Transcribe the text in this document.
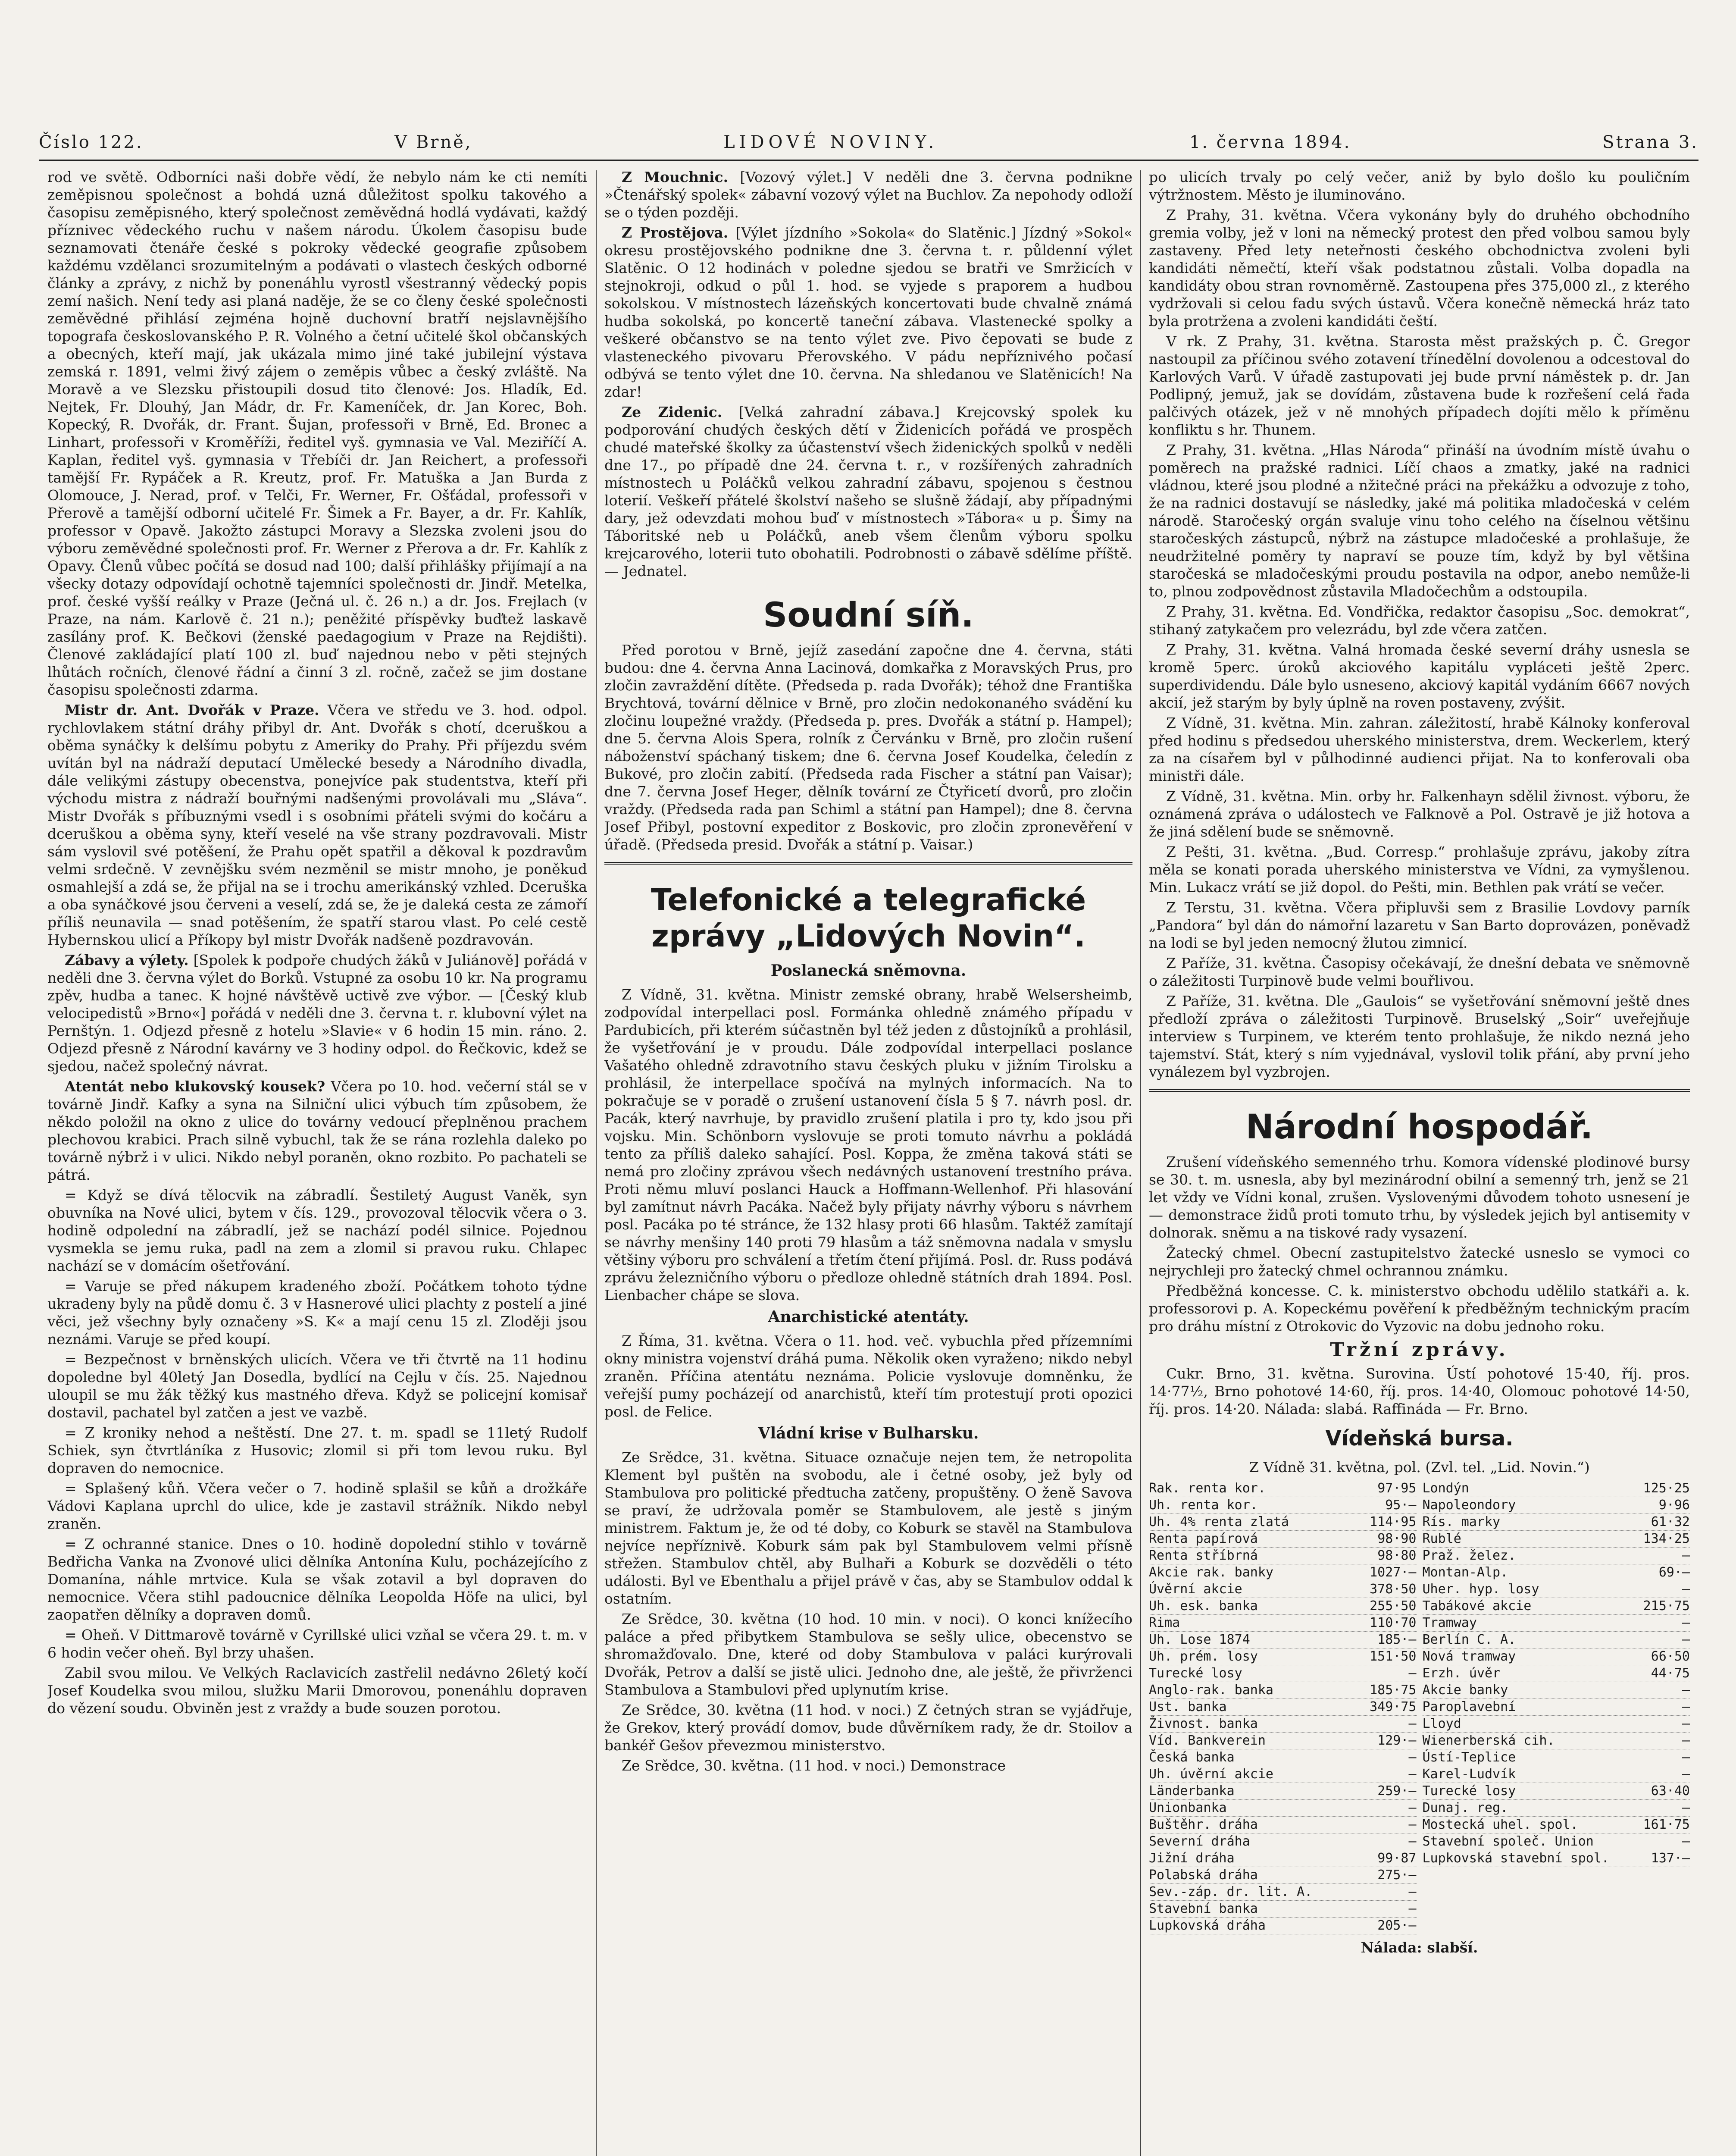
Číslo 122.	V Brně,	LIDOVÉ NOVINY.	1. června 1894.	Strana 3.

rod ve světě. Odborníci naši dobře vědí, že nebylo nám ke cti nemíti zeměpisnou společnost a bohdá uzná důležitost spolku takového a časopisu zeměpisného, který společnost zeměvědná hodlá vydávati, každý příznivec vědeckého ruchu v našem národu. Úkolem časopisu bude seznamovati čtenáře české s pokroky vědecké geografie způsobem každému vzdělanci srozumitelným a podávati o vlastech českých odborné články a zprávy, z nichž by ponenáhlu vyrostl všestranný vědecký popis zemí našich. Není tedy asi planá naděje, že se co členy české společnosti zeměvědné přihlásí zejména hojně duchovní bratří nejslavnějšího topografa českoslovanského P. R. Volného a četní učitelé škol občanských a obecných, kteří mají, jak ukázala mimo jiné také jubilejní výstava zemská r. 1891, velmi živý zájem o zeměpis vůbec a český zvláště. Na Moravě a ve Slezsku přistoupili dosud tito členové: Jos. Hladík, Ed. Nejtek, Fr. Dlouhý, Jan Mádr, dr. Fr. Kameníček, dr. Jan Korec, Boh. Kopecký, R. Dvořák, dr. Frant. Šujan, professoři v Brně, Ed. Bronec a Linhart, professoři v Kroměříži, ředitel vyš. gymnasia ve Val. Meziříčí A. Kaplan, ředitel vyš. gymnasia v Třebíči dr. Jan Reichert, a professoři tamější Fr. Rypáček a R. Kreutz, prof. Fr. Matuška a Jan Burda z Olomouce, J. Nerad, prof. v Telči, Fr. Werner, Fr. Ošťádal, professoři v Přerově a tamější odborní učitelé Fr. Šimek a Fr. Bayer, a dr. Fr. Kahlík, professor v Opavě. Jakožto zástupci Moravy a Slezska zvoleni jsou do výboru zeměvědné společnosti prof. Fr. Werner z Přerova a dr. Fr. Kahlík z Opavy. Členů vůbec počítá se dosud nad 100; další přihlášky přijímají a na všecky dotazy odpovídají ochotně tajemníci společnosti dr. Jindř. Metelka, prof. české vyšší reálky v Praze (Ječná ul. č. 26 n.) a dr. Jos. Frejlach (v Praze, na nám. Karlově č. 21 n.); peněžité příspěvky buďtež laskavě zasílány prof. K. Bečkovi (ženské paedagogium v Praze na Rejdišti). Členové zakládající platí 100 zl. buď najednou nebo v pěti stejných lhůtách ročních, členové řádní a činní 3 zl. ročně, začež se jim dostane časopisu společnosti zdarma.

Mistr dr. Ant. Dvořák v Praze. Včera ve středu ve 3. hod. odpol. rychlovlakem státní dráhy přibyl dr. Ant. Dvořák s chotí, dceruškou a oběma synáčky k delšímu pobytu z Ameriky do Prahy. Při příjezdu svém uvítán byl na nádraží deputací Umělecké besedy a Národního divadla, dále velikými zástupy obecenstva, ponejvíce pak studentstva, kteří při východu mistra z nádraží bouřnými nadšenými provolávali mu „Sláva“. Mistr Dvořák s příbuznými vsedl i s osobními přáteli svými do kočáru a dceruškou a oběma syny, kteří veselé na vše strany pozdravovali. Mistr sám vyslovil své potěšení, že Prahu opět spatřil a děkoval k pozdravům velmi srdečně. V zevnějšku svém nezměnil se mistr mnoho, je poněkud osmahlejší a zdá se, že přijal na se i trochu amerikánský vzhled. Dceruška a oba synáčkové jsou červeni a veselí, zdá se, že je daleká cesta ze zámoří příliš neunavila — snad potěšením, že spatří starou vlast. Po celé cestě Hybernskou ulicí a Příkopy byl mistr Dvořák nadšeně pozdravován.

Zábavy a výlety. [Spolek k podpoře chudých žáků v Juliánově] pořádá v neděli dne 3. června výlet do Borků. Vstupné za osobu 10 kr. Na programu zpěv, hudba a tanec. K hojné návštěvě uctivě zve výbor. — [Český klub velocipedistů »Brno«] pořádá v neděli dne 3. června t. r. klubovní výlet na Pernštýn. 1. Odjezd přesně z hotelu »Slavie« v 6 hodin 15 min. ráno. 2. Odjezd přesně z Národní kavárny ve 3 hodiny odpol. do Řečkovic, kdež se sjedou, načež společný návrat.

Atentát nebo klukovský kousek? Včera po 10. hod. večerní stál se v továrně Jindř. Kafky a syna na Silniční ulici výbuch tím způsobem, že někdo položil na okno z ulice do továrny vedoucí přeplněnou prachem plechovou krabici. Prach silně vybuchl, tak že se rána rozlehla daleko po továrně nýbrž i v ulici. Nikdo nebyl poraněn, okno rozbito. Po pachateli se pátrá.

= Když se dívá tělocvik na zábradlí. Šestiletý August Vaněk, syn obuvníka na Nové ulici, bytem v čís. 129., provozoval tělocvik včera o 3. hodině odpolední na zábradlí, jež se nachází podél silnice. Pojednou vysmekla se jemu ruka, padl na zem a zlomil si pravou ruku. Chlapec nachází se v domácím ošetřování.

= Varuje se před nákupem kradeného zboží. Počátkem tohoto týdne ukradeny byly na půdě domu č. 3 v Hasnerové ulici plachty z postelí a jiné věci, jež všechny byly označeny »S. K« a mají cenu 15 zl. Zloději jsou neznámi. Varuje se před koupí.

= Bezpečnost v brněnských ulicích. Včera ve tři čtvrtě na 11 hodinu dopoledne byl 40letý Jan Dosedla, bydlící na Cejlu v čís. 25. Najednou uloupil se mu žák těžký kus mastného dřeva. Když se policejní komisař dostavil, pachatel byl zatčen a jest ve vazbě.

= Z kroniky nehod a neštěstí. Dne 27. t. m. spadl se 11letý Rudolf Schiek, syn čtvrtláníka z Husovic; zlomil si při tom levou ruku. Byl dopraven do nemocnice.

= Splašený kůň. Včera večer o 7. hodině splašil se kůň a drožkáře Vádovi Kaplana uprchl do ulice, kde je zastavil strážník. Nikdo nebyl zraněn.

= Z ochranné stanice. Dnes o 10. hodině dopolední stihlo v továrně Bedřicha Vanka na Zvonové ulici dělníka Antonína Kulu, pocházejícího z Domanína, náhle mrtvice. Kula se však zotavil a byl dopraven do nemocnice. Včera stihl padoucnice dělníka Leopolda Höfe na ulici, byl zaopatřen dělníky a dopraven domů.

= Oheň. V Dittmarově továrně v Cyrillské ulici vzňal se včera 29. t. m. v 6 hodin večer oheň. Byl brzy uhašen.

Zabil svou milou. Ve Velkých Raclavicích zastřelil nedávno 26letý kočí Josef Koudelka svou milou, služku Marii Dmorovou, ponenáhlu dopraven do vězení soudu. Obviněn jest z vraždy a bude souzen porotou.

Z Mouchnic. [Vozový výlet.] V neděli dne 3. června podnikne »Čtenářský spolek« zábavní vozový výlet na Buchlov. Za nepohody odloží se o týden později.

Z Prostějova. [Výlet jízdního »Sokola« do Slatěnic.] Jízdný »Sokol« okresu prostějovského podnikne dne 3. června t. r. půldenní výlet Slatěnic. O 12 hodinách v poledne sjedou se bratři ve Smržicích v stejnokroji, odkud o půl 1. hod. se vyjede s praporem a hudbou sokolskou. V místnostech lázeňských koncertovati bude chvalně známá hudba sokolská, po koncertě taneční zábava. Vlastenecké spolky a veškeré občanstvo se na tento výlet zve. Pivo čepovati se bude z vlasteneckého pivovaru Přerovského. V pádu nepříznivého počasí odbývá se tento výlet dne 10. června. Na shledanou ve Slatěnicích! Na zdar!

Ze Zidenic. [Velká zahradní zábava.] Krejcovský spolek ku podporování chudých českých dětí v Židenicích pořádá ve prospěch chudé mateřské školky za účastenství všech židenických spolků v neděli dne 17., po případě dne 24. června t. r., v rozšířených zahradních místnostech u Poláčků velkou zahradní zábavu, spojenou s čestnou loterií. Veškeří přátelé školství našeho se slušně žádají, aby případnými dary, jež odevzdati mohou buď v místnostech »Tábora« u p. Šimy na Táboritské neb u Poláčků, aneb všem členům výboru spolku krejcarového, loterii tuto obohatili. Podrobnosti o zábavě sdělíme příště. — Jednatel.

Soudní síň.

Před porotou v Brně, jejíž zasedání započne dne 4. června, státi budou: dne 4. června Anna Lacinová, domkařka z Moravských Prus, pro zločin zavraždění dítěte. (Předseda p. rada Dvořák); téhož dne Františka Brychtová, tovární dělnice v Brně, pro zločin nedokonaného svádění ku zločinu loupežné vraždy. (Předseda p. pres. Dvořák a státní p. Hampel); dne 5. června Alois Spera, rolník z Červánku v Brně, pro zločin rušení náboženství spáchaný tiskem; dne 6. června Josef Koudelka, čeledín z Bukové, pro zločin zabití. (Předseda rada Fischer a státní pan Vaisar); dne 7. června Josef Heger, dělník tovární ze Čtyřicetí dvorů, pro zločin vraždy. (Předseda rada pan Schiml a státní pan Hampel); dne 8. června Josef Přibyl, postovní expeditor z Boskovic, pro zločin zpronevěření v úřadě. (Předseda presid. Dvořák a státní p. Vaisar.)

Telefonické a telegrafické zprávy „Lidových Novin“.
Poslanecká sněmovna.

Z Vídně, 31. května. Ministr zemské obrany, hrabě Welsersheimb, zodpovídal interpellaci posl. Formánka ohledně známého případu v Pardubicích, při kterém súčastněn byl též jeden z důstojníků a prohlásil, že vyšetřování je v proudu. Dále zodpovídal interpellaci poslance Vašatého ohledně zdravotního stavu českých pluku v jižním Tirolsku a prohlásil, že interpellace spočívá na mylných informacích. Na to pokračuje se v poradě o zrušení ustanovení čísla 5 § 7. návrh posl. dr. Pacák, který navrhuje, by pravidlo zrušení platila i pro ty, kdo jsou při vojsku. Min. Schönborn vyslovuje se proti tomuto návrhu a pokládá tento za příliš daleko sahající. Posl. Koppa, že změna taková státi se nemá pro zločiny zprávou všech nedávných ustanovení trestního práva. Proti němu mluví poslanci Hauck a Hoffmann-Wellenhof. Při hlasování byl zamítnut návrh Pacáka. Načež byly přijaty návrhy výboru s návrhem posl. Pacáka po té stránce, že 132 hlasy proti 66 hlasům. Taktéž zamítají se návrhy menšiny 140 proti 79 hlasům a táž sněmovna nadala v smyslu většiny výboru pro schválení a třetím čtení přijímá. Posl. dr. Russ podává zprávu železničního výboru o předloze ohledně státních drah 1894. Posl. Lienbacher chápe se slova.

Anarchistické atentáty.

Z Říma, 31. května. Včera o 11. hod. več. vybuchla před přízemními okny ministra vojenství dráhá puma. Několik oken vyraženo; nikdo nebyl zraněn. Příčina atentátu neznáma. Policie vyslovuje domněnku, že veřejší pumy pocházejí od anarchistů, kteří tím protestují proti opozici posl. de Felice.

Vládní krise v Bulharsku.

Ze Srědce, 31. května. Situace označuje nejen tem, že netropolita Klement byl puštěn na svobodu, ale i četné osoby, jež byly od Stambulova pro politické předtucha zatčeny, propuštěny. O ženě Savova se praví, že udržovala poměr se Stambulovem, ale jestě s jiným ministrem. Faktum je, že od té doby, co Koburk se stavěl na Stambulova nejvíce nepříznivě. Koburk sám pak byl Stambulovem velmi přísně střežen. Stambulov chtěl, aby Bulhaři a Koburk se dozvěděli o této události. Byl ve Ebenthalu a přijel právě v čas, aby se Stambulov oddal k ostatním.

Ze Srědce, 30. května (10 hod. 10 min. v noci). O konci knížecího paláce a před přibytkem Stambulova se sešly ulice, obecenstvo se shromažďovalo. Dne, které od doby Stambulova v paláci kurýrovali Dvořák, Petrov a další se jistě ulici. Jednoho dne, ale ještě, že přivrženci Stambulova a Stambulovi před uplynutím krise.

Ze Srědce, 30. května (11 hod. v noci.) Z četných stran se vyjádřuje, že Grekov, který provádí domov, bude důvěrníkem rady, že dr. Stoilov a bankéř Gešov převezmou ministerstvo.

Ze Srědce, 30. května. (11 hod. v noci.) Demonstrace

po ulicích trvaly po celý večer, aniž by bylo došlo ku pouličním výtržnostem. Město je iluminováno.

Z Prahy, 31. května. Včera vykonány byly do druhého obchodního gremia volby, jež v loni na německý protest den před volbou samou byly zastaveny. Před lety neteřnosti českého obchodnictva zvoleni byli kandidáti němečtí, kteří však podstatnou zůstali. Volba dopadla na kandidáty obou stran rovnoměrně. Zastoupena přes 375,000 zl., z kterého vydržovali si celou fadu svých ústavů. Včera konečně německá hráz tato byla protržena a zvoleni kandidáti čeští.

V rk. Z Prahy, 31. května. Starosta měst pražských p. Č. Gregor nastoupil za příčinou svého zotavení třínedělní dovolenou a odcestoval do Karlových Varů. V úřadě zastupovati jej bude první náměstek p. dr. Jan Podlipný, jemuž, jak se dovídám, zůstavena bude k rozřešení celá řada palčivých otázek, jež v ně mnohých případech dojíti mělo k příměnu konfliktu s hr. Thunem.

Z Prahy, 31. května. „Hlas Národa“ přináší na úvodním místě úvahu o poměrech na pražské radnici. Líčí chaos a zmatky, jaké na radnici vládnou, které jsou plodné a nžitečné práci na překážku a odvozuje z toho, že na radnici dostavují se následky, jaké má politika mladočeská v celém národě. Staročeský orgán svaluje vinu toho celého na číselnou většinu staročeských zástupců, nýbrž na zástupce mladočeské a prohlašuje, že neudržitelné poměry ty napraví se pouze tím, když by byl většina staročeská se mladočeskými proudu postavila na odpor, anebo nemůže-li to, plnou zodpovědnost zůstavila Mladočechům a odstoupila.

Z Prahy, 31. května. Ed. Vondřička, redaktor časopisu „Soc. demokrat“, stihaný zatykačem pro velezrádu, byl zde včera zatčen.

Z Prahy, 31. května. Valná hromada české severní dráhy usnesla se kromě 5perc. úroků akciového kapitálu vypláceti ještě 2perc. superdividendu. Dále bylo usneseno, akciový kapitál vydáním 6667 nových akcií, jež starým by byly úplně na roven postaveny, zvýšit.

Z Vídně, 31. května. Min. zahran. záležitostí, hrabě Kálnoky konferoval před hodinu s předsedou uherského ministerstva, drem. Weckerlem, který za na císařem byl v půlhodinné audienci přijat. Na to konferovali oba ministři dále.

Z Vídně, 31. května. Min. orby hr. Falkenhayn sdělil živnost. výboru, že oznámená zpráva o událostech ve Falknově a Pol. Ostravě je již hotova a že jiná sdělení bude se sněmovně.

Z Pešti, 31. května. „Bud. Corresp.“ prohlašuje zprávu, jakoby zítra měla se konati porada uherského ministerstva ve Vídni, za vymyšlenou. Min. Lukacz vrátí se již dopol. do Pešti, min. Bethlen pak vrátí se večer.

Z Terstu, 31. května. Včera připluvši sem z Brasilie Lovdovy parník „Pandora“ byl dán do námořní lazaretu v San Barto doprovázen, poněvadž na lodi se byl jeden nemocný žlutou zimnicí.

Z Paříže, 31. května. Časopisy očekávají, že dnešní debata ve sněmovně o záležitosti Turpinově bude velmi bouřlivou.

Z Paříže, 31. května. Dle „Gaulois“ se vyšetřování sněmovní ještě dnes předloží zpráva o záležitosti Turpinově. Bruselský „Soir“ uveřejňuje interview s Turpinem, ve kterém tento prohlašuje, že nikdo nezná jeho tajemství. Stát, který s ním vyjednával, vyslovil tolik přání, aby první jeho vynálezem byl vyzbrojen.

Národní hospodář.

Zrušení vídeňského semenného trhu. Komora vídenské plodinové bursy se 30. t. m. usnesla, aby byl mezinárodní obilní a semenný trh, jenž se 21 let vždy ve Vídni konal, zrušen. Vyslovenými důvodem tohoto usnesení je — demonstrace židů proti tomuto trhu, by výsledek jejich byl antisemity v dolnorak. sněmu a na tiskové rady vysazení.

Žatecký chmel. Obecní zastupitelstvo žatecké usneslo se vymoci co nejrychleji pro žatecký chmel ochrannou známku.

Předběžná koncesse. C. k. ministerstvo obchodu udělilo statkáři a. k. professorovi p. A. Kopeckému pověření k předběžným technickým pracím pro dráhu místní z Otrokovic do Vyzovic na dobu jednoho roku.

Tržní zprávy.

Cukr. Brno, 31. května. Surovina. Ústí pohotové 15·40, říj. pros. 14·77½, Brno pohotové 14·60, říj. pros. 14·40, Olomouc pohotové 14·50, říj. pros. 14·20. Nálada: slabá. Raffináda — Fr. Brno.

Vídeňská bursa.
Z Vídně 31. května, pol. (Zvl. tel. „Lid. Novin.“)
Rak. renta kor.	97·95
Uh. renta kor.	95·—
Uh. 4% renta zlatá	114·95
Renta papírová	98·90
Renta stříbrná	98·80
Akcie rak. banky	1027·—
Úvěrní akcie	378·50
Uh. esk. banka	255·50
Rima	110·70
Uh. Lose 1874	185·—
Uh. prém. losy	151·50
Turecké losy	—
Anglo-rak. banka	185·75
Ust. banka	349·75
Živnost. banka	—
Víd. Bankverein	129·—
Česká banka	—
Uh. úvěrní akcie	—
Länderbanka	259·—
Unionbanka	—
Buštěhr. dráha	—
Severní dráha	—
Jižní dráha	99·87
Polabská dráha	275·—
Sev.-záp. dr. lit. A.	—
Stavební banka	—
Lupkovská dráha	205·—
Londýn	125·25
Napoleondory	9·96
Rís. marky	61·32
Rublé	134·25
Praž. želez.	—
Montan-Alp.	69·—
Uher. hyp. losy	—
Tabákové akcie	215·75
Tramway	—
Berlín C. A.	—
Nová tramway	66·50
Erzh. úvěr	44·75
Akcie banky	—
Paroplavební	—
Lloyd	—
Wienerberská cih.	—
Ústí-Teplice	—
Karel-Ludvík	—
Turecké losy	63·40
Dunaj. reg.	—
Mostecká uhel. spol.	161·75
Stavební společ. Union	—
Lupkovská stavební spol.	137·—
Nálada: slabší.
